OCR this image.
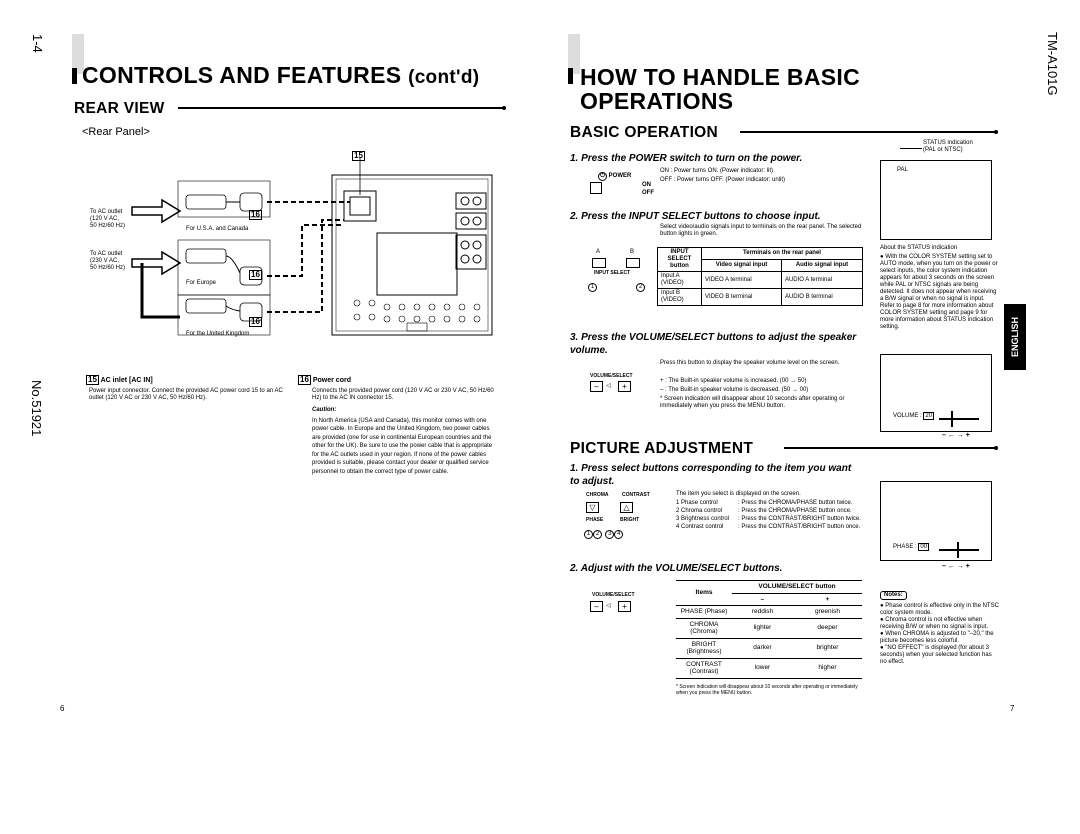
1-4
No.51921
CONTROLS AND FEATURES (cont'd)
REAR VIEW
<Rear Panel>
15
16
16
16
To AC outlet
(120 V AC,
50 Hz/60 Hz)	For U.S.A. and Canada
To AC outlet
(230 V AC,
50 Hz/60 Hz)
For Europe
For the United Kingdom
15 AC inlet [AC IN]
Power input connector. Connect the provided AC power cord 15 to an AC outlet (120 V AC or 230 V AC, 50 Hz/60 Hz).
16 Power cord
Connects the provided power cord (120 V AC or 230 V AC, 50 Hz/60 Hz) to the AC IN connector 15.
Caution:
In North America (USA and Canada), this monitor comes with one power cable. In Europe and the United Kingdom, two power cables are provided (one for use in continental European countries and the other for the UK). Be sure to use the power cable that is appropriate for the AC outlets used in your region. If none of the power cables provided is suitable, please contact your dealer or qualified service personnel to obtain the correct type of power cable.
6
TM-A101G
HOW TO HANDLE BASIC
OPERATIONS
BASIC OPERATION
1. Press the POWER switch to turn on the power.
⏻ POWER
ON
OFF
ON : Power turns ON. (Power indicator: lit)
OFF : Power turns OFF. (Power indicator: unlit)
STATUS indication
(PAL or NTSC)
PAL
2. Press the INPUT SELECT buttons to choose input.
Select video/audio signals input to terminals on the rear panel. The selected button lights in green.
A	B
INPUT SELECT
1	2
INPUT SELECT button	Terminals on the rear panel	
	Video signal input	Audio signal input
Input A (VIDEO)	VIDEO A terminal	AUDIO A terminal
Input B (VIDEO)	VIDEO B terminal	AUDIO B terminal
About the STATUS indication
● With the COLOR SYSTEM setting set to AUTO mode, when you turn on the power or select inputs, the color system indication appears for about 3 seconds on the screen while PAL or NTSC signals are being detected. It does not appear when receiving a B/W signal or when no signal is input. Refer to page 8 for more information about COLOR SYSTEM setting and page 9 for more information about STATUS indication setting.	ENGLISH
3. Press the VOLUME/SELECT buttons to adjust the speaker volume.
VOLUME/SELECT
–	◁	+
Press this button to display the speaker volume level on the screen.
+ : The Built-in speaker volume is increased. (00 → 50)
– : The Built-in speaker volume is decreased. (50 → 00)
* Screen indication will disappear about 10 seconds after operating or immediately when you press the MENU button.
VOLUME : 20
– ← → +
PICTURE ADJUSTMENT
1. Press select buttons corresponding to the item you want to adjust.
CHROMA	CONTRAST
▽	△
PHASE	BRIGHT
1 2 3 4
The item you select is displayed on the screen.
1 Phase control	: Press the CHROMA/PHASE button twice.
2 Chroma control	: Press the CHROMA/PHASE button once.
3 Brightness control	: Press the CONTRAST/BRIGHT button twice.
4 Contrast control	: Press the CONTRAST/BRIGHT button once.
PHASE : 00
– ← → +
2. Adjust with the VOLUME/SELECT buttons.
VOLUME/SELECT
–	◁	+
Items	VOLUME/SELECT button	
	–	+
PHASE (Phase)	reddish	greenish
CHROMA (Chroma)	lighter	deeper
BRIGHT (Brightness)	darker	brighter
CONTRAST (Contrast)	lower	higher
* Screen indication will disappear about 10 seconds after operating or immediately when you press the MENU button.
Notes:
● Phase control is effective only in the NTSC color system mode.
● Chroma control is not effective when receiving B/W or when no signal is input.
● When CHROMA is adjusted to "–20," the picture becomes less colorful.
● "NO EFFECT" is displayed (for about 3 seconds) when your selected function has no effect.
7
